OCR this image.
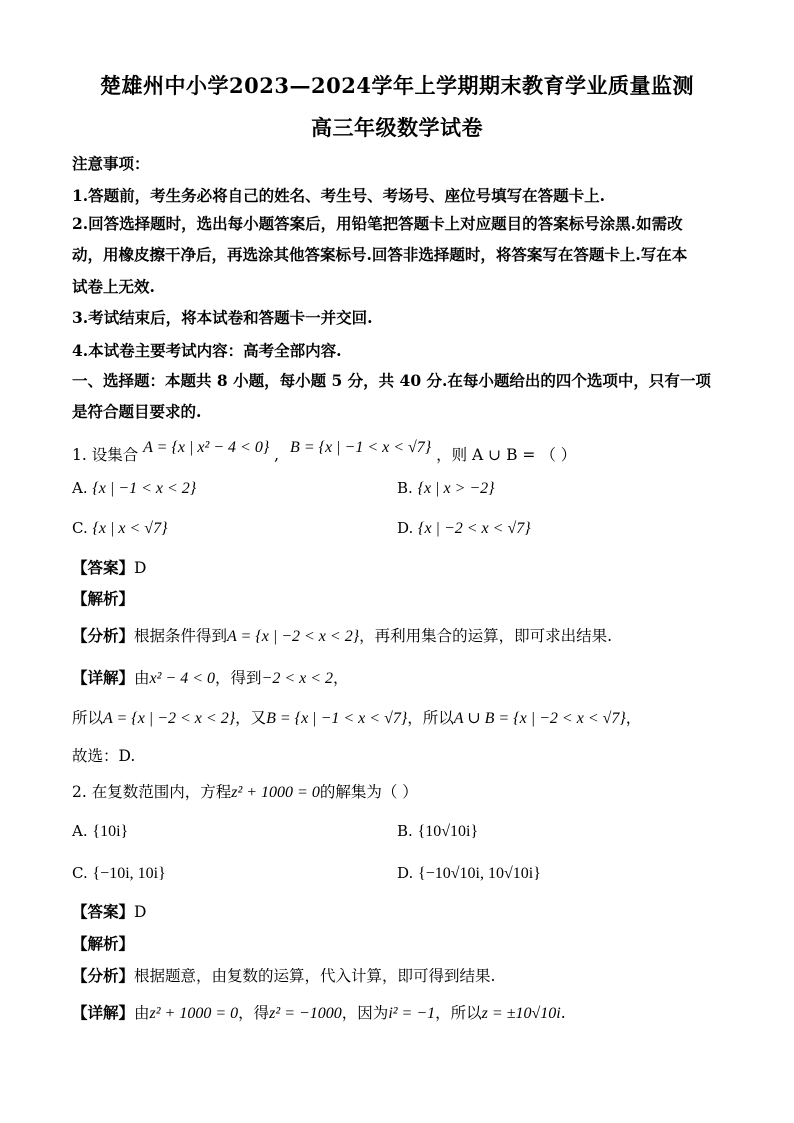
楚雄州中小学2023—2024学年上学期期末教育学业质量监测
高三年级数学试卷
注意事项：
1.答题前，考生务必将自己的姓名、考生号、考场号、座位号填写在答题卡上.
2.回答选择题时，选出每小题答案后，用铅笔把答题卡上对应题目的答案标号涂黑.如需改
动，用橡皮擦干净后，再选涂其他答案标号.回答非选择题时，将答案写在答题卡上.写在本
试卷上无效.
3.考试结束后，将本试卷和答题卡一并交回.
4.本试卷主要考试内容：高考全部内容.
一、选择题：本题共 8 小题，每小题 5 分，共 40 分.在每小题给出的四个选项中，只有一项
是符合题目要求的.
1. 设集合 A = {x | x² − 4 < 0} , B = {x | −1 < x < √7} ，则 A ∪ B = （ ）
A. {x | −1 < x < 2}	B. {x | x > −2}
C. {x | x < √7}	D. {x | −2 < x < √7}
【答案】D
【解析】
【分析】根据条件得到A = {x | −2 < x < 2}，再利用集合的运算，即可求出结果.
【详解】由x² − 4 < 0，得到−2 < x < 2，
所以A = {x | −2 < x < 2}，又B = {x | −1 < x < √7}，所以A ∪ B = {x | −2 < x < √7}，
故选：D.
2. 在复数范围内，方程z² + 1000 = 0的解集为（ ）
A. {10i}	B. {10√10i}
C. {−10i, 10i}	D. {−10√10i, 10√10i}
【答案】D
【解析】
【分析】根据题意，由复数的运算，代入计算，即可得到结果.
【详解】由z² + 1000 = 0，得z² = −1000，因为i² = −1，所以z = ±10√10i.
